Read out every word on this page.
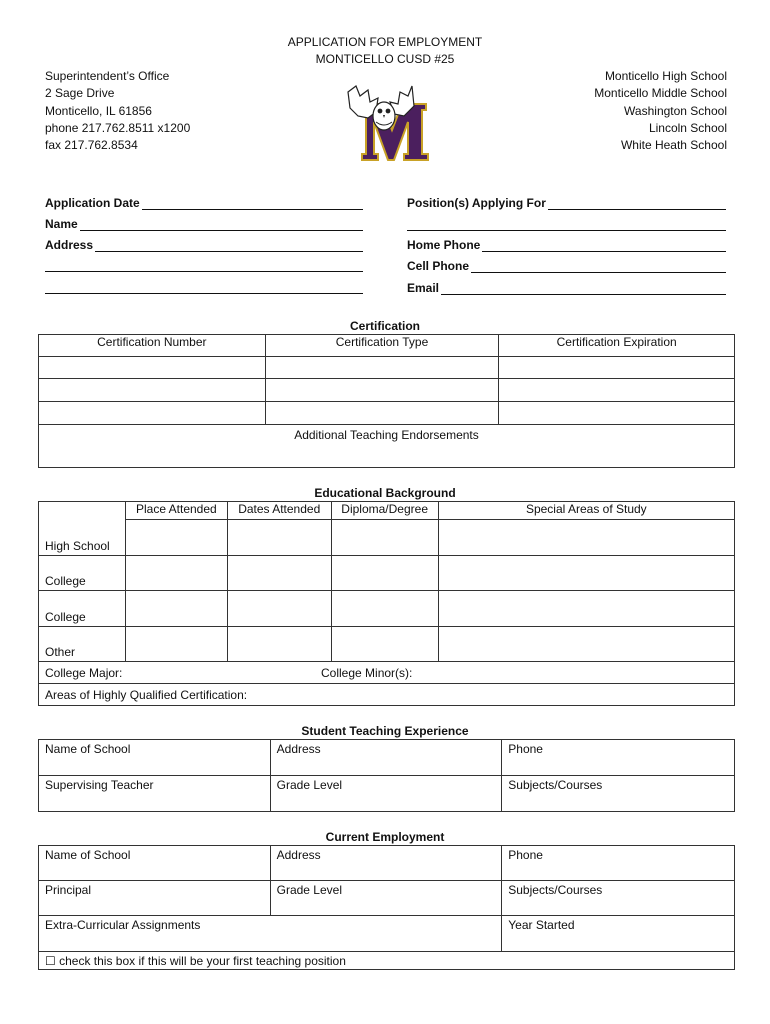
APPLICATION FOR EMPLOYMENT
MONTICELLO CUSD #25
Superintendent’s Office
2 Sage Drive
Monticello, IL 61856
phone 217.762.8511 x1200
fax 217.762.8534
Monticello High School
Monticello Middle School
Washington School
Lincoln School
White Heath School
Application Date
Name
Address
Position(s) Applying For
Home Phone
Cell Phone
Email
Certification
Certification Number	Certification Type	Certification Expiration

Additional Teaching Endorsements		
Educational Background
	Place Attended	Dates Attended	Diploma/Degree	Special Areas of Study
High School				
College				
College				
Other				
College Major: College Minor(s):				

Areas of Highly Qualified Certification:				
Student Teaching Experience
Name of School	Address	Phone
Supervising Teacher	Grade Level	Subjects/Courses
Current Employment
Name of School	Address	Phone
Principal	Grade Level	Subjects/Courses
Extra-Curricular Assignments		Year Started
☐ check this box if this will be your first teaching position		
